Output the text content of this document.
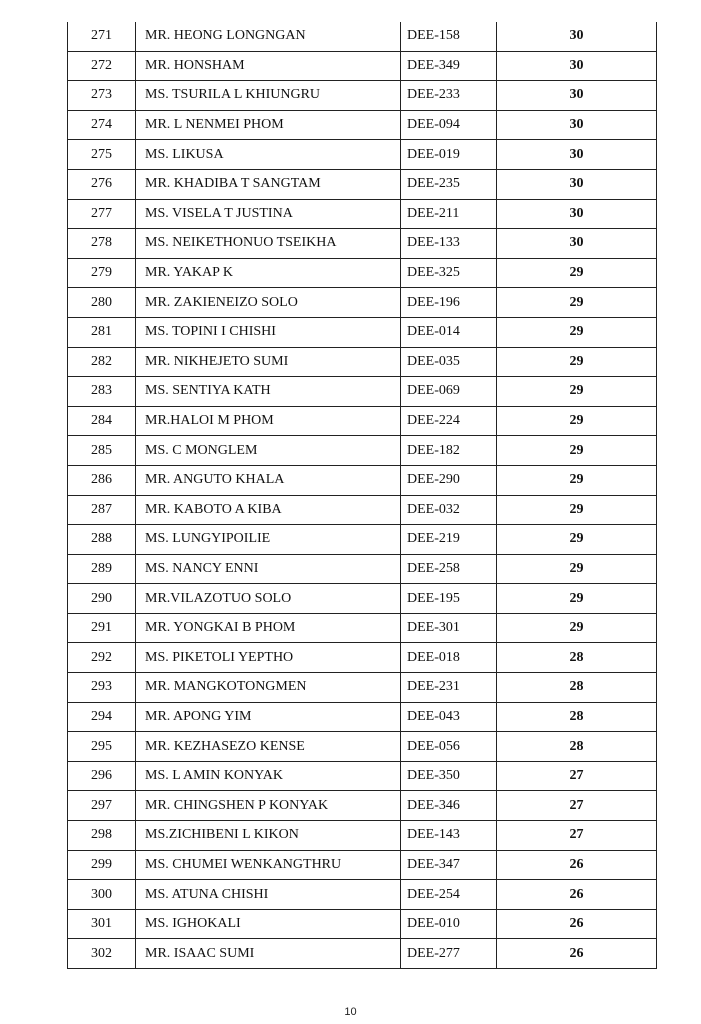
271	MR. HEONG LONGNGAN	DEE-158	30
272	MR. HONSHAM	DEE-349	30
273	MS. TSURILA L KHIUNGRU	DEE-233	30
274	MR. L NENMEI PHOM	DEE-094	30
275	MS. LIKUSA	DEE-019	30
276	MR. KHADIBA T SANGTAM	DEE-235	30
277	MS. VISELA T JUSTINA	DEE-211	30
278	MS. NEIKETHONUO TSEIKHA	DEE-133	30
279	MR. YAKAP K	DEE-325	29
280	MR. ZAKIENEIZO SOLO	DEE-196	29
281	MS. TOPINI I CHISHI	DEE-014	29
282	MR. NIKHEJETO SUMI	DEE-035	29
283	MS. SENTIYA KATH	DEE-069	29
284	MR.HALOI M PHOM	DEE-224	29
285	MS. C MONGLEM	DEE-182	29
286	MR. ANGUTO KHALA	DEE-290	29
287	MR. KABOTO A KIBA	DEE-032	29
288	MS. LUNGYIPOILIE	DEE-219	29
289	MS. NANCY ENNI	DEE-258	29
290	MR.VILAZOTUO SOLO	DEE-195	29
291	MR. YONGKAI B PHOM	DEE-301	29
292	MS. PIKETOLI YEPTHO	DEE-018	28
293	MR. MANGKOTONGMEN	DEE-231	28
294	MR. APONG YIM	DEE-043	28
295	MR. KEZHASEZO KENSE	DEE-056	28
296	MS. L AMIN KONYAK	DEE-350	27
297	MR. CHINGSHEN P KONYAK	DEE-346	27
298	MS.ZICHIBENI L KIKON	DEE-143	27
299	MS. CHUMEI WENKANGTHRU	DEE-347	26
300	MS. ATUNA CHISHI	DEE-254	26
301	MS. IGHOKALI	DEE-010	26
302	MR. ISAAC SUMI	DEE-277	26
10
